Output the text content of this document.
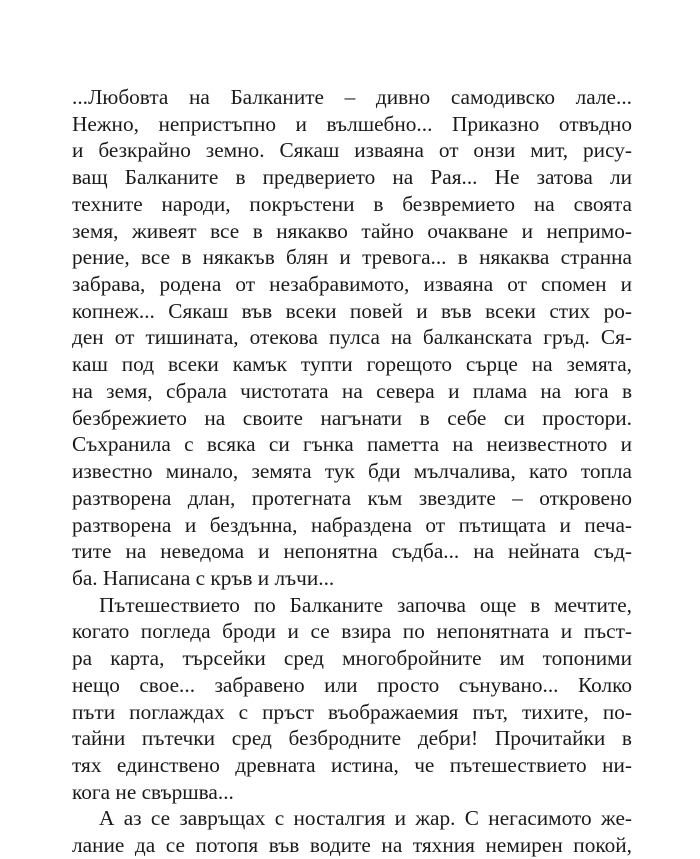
...Любовта на Балканите – дивно самодивско лале...
Нежно, непристъпно и вълшебно... Приказно отвъдно
и безкрайно земно. Сякаш изваяна от онзи мит, рису-
ващ Балканите в предверието на Рая... Не затова ли
техните народи, покръстени в безвремието на своята
земя, живеят все в някакво тайно очакване и непримо-
рение, все в някакъв блян и тревога... в някаква странна
забрава, родена от незабравимото, изваяна от спомен и
копнеж... Сякаш във всеки повей и във всеки стих ро-
ден от тишината, отекова пулса на балканската гръд. Ся-
каш под всеки камък тупти горещото сърце на земята,
на земя, сбрала чистотата на севера и плама на юга в
безбрежието на своите нагънати в себе си простори.
Съхранила с всяка си гънка паметта на неизвестното и
известно минало, земята тук бди мълчалива, като топла
разтворена длан, протегната към звездите – откровено
разтворена и бездънна, набраздена от пътищата и печа-
тите на неведома и непонятна съдба... на нейната съд-
ба. Написана с кръв и лъчи...
Пътешествието по Балканите започва още в мечтите,
когато погледа броди и се взира по непонятната и пъст-
ра карта, търсейки сред многобройните им топоними
нещо свое... забравено или просто сънувано... Колко
пъти поглаждах с пръст въображаемия път, тихите, по-
тайни пътечки сред безбродните дебри! Прочитайки в
тях единствено древната истина, че пътешествието ни-
кога не свършва...
А аз се завръщах с носталгия и жар. С негасимото же-
лание да се потопя във водите на тяхния немирен покой,
